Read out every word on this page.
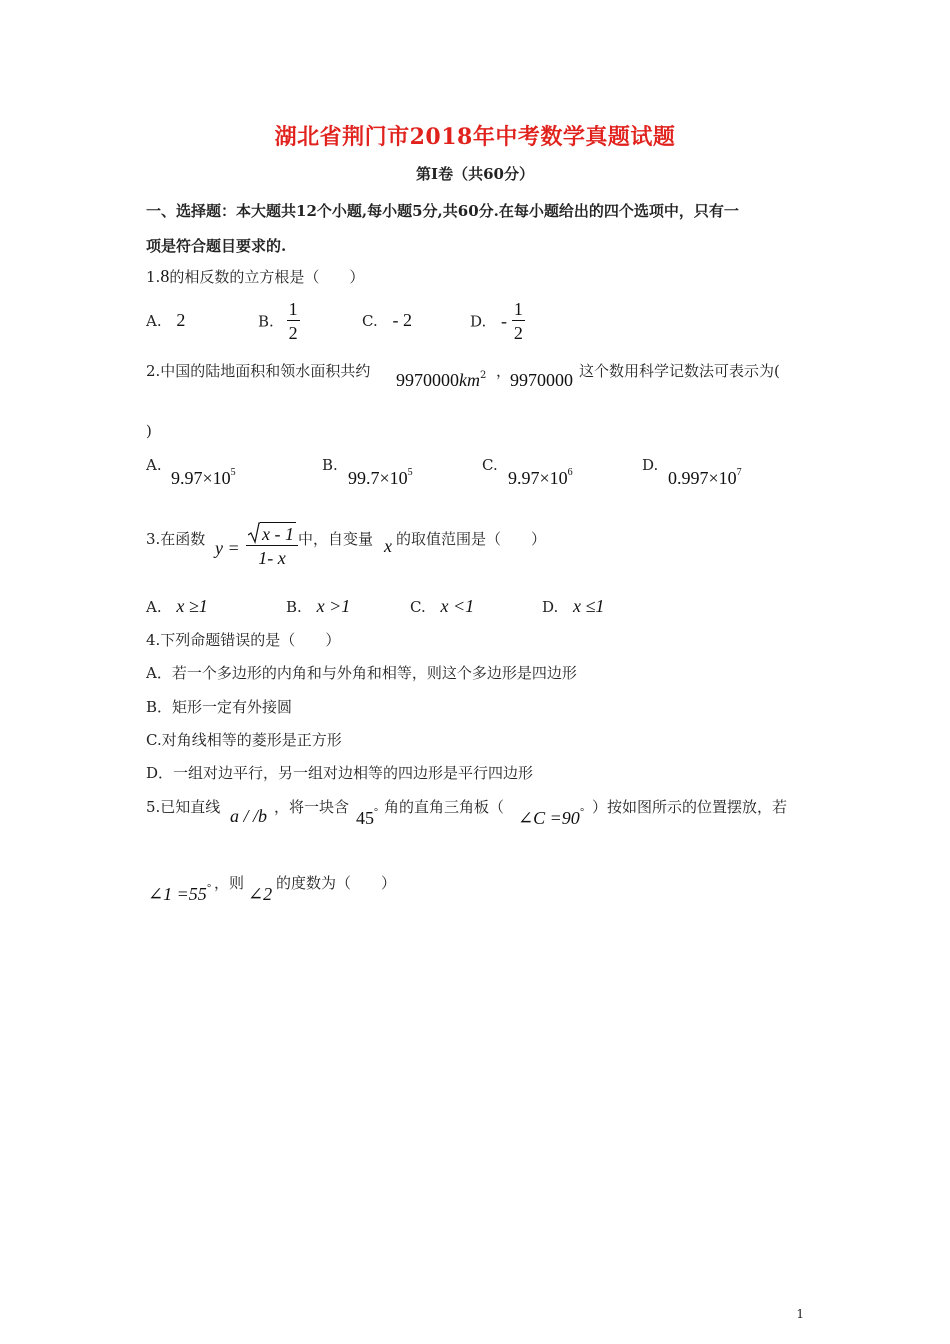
湖北省荆门市2018年中考数学真题试题
第Ⅰ卷（共60分）
一、选择题：本大题共12个小题,每小题5分,共60分.在每小题给出的四个选项中，只有一
项是符合题目要求的.
1.8的相反数的立方根是（　　）
A. 2	B. $\frac{1}{2}$	C. - 2	D. - $\frac{1}{2}$
2.中国的陆地面积和领水面积共约 $9970000km^2$ ，
9970000 这个数用科学记数法可表示为(
)
A.
$9.97\times 10^5$	B.
$99.7\times 10^5$	C.
$9.97\times 10^6$	D.
$0.997\times 10^7$
3.在函数 $y = \frac{x - 1}{1- x}$ 中，自变量 x 的取值范围是（　　）
A. x ≥1	B. x >1	C. x <1	D. x ≤1
4.下列命题错误的是（　　）
A．若一个多边形的内角和与外角和相等，则这个多边形是四边形
B．矩形一定有外接圆
C.对角线相等的菱形是正方形
D．一组对边平行，另一组对边相等的四边形是平行四边形
5.已知直线 a / /b ，将一块含
45° 角的直角三角板（
∠C =90° ）按如图所示的位置摆放，若
∠1 =55° ，则
∠2
的度数为（　　）
1
